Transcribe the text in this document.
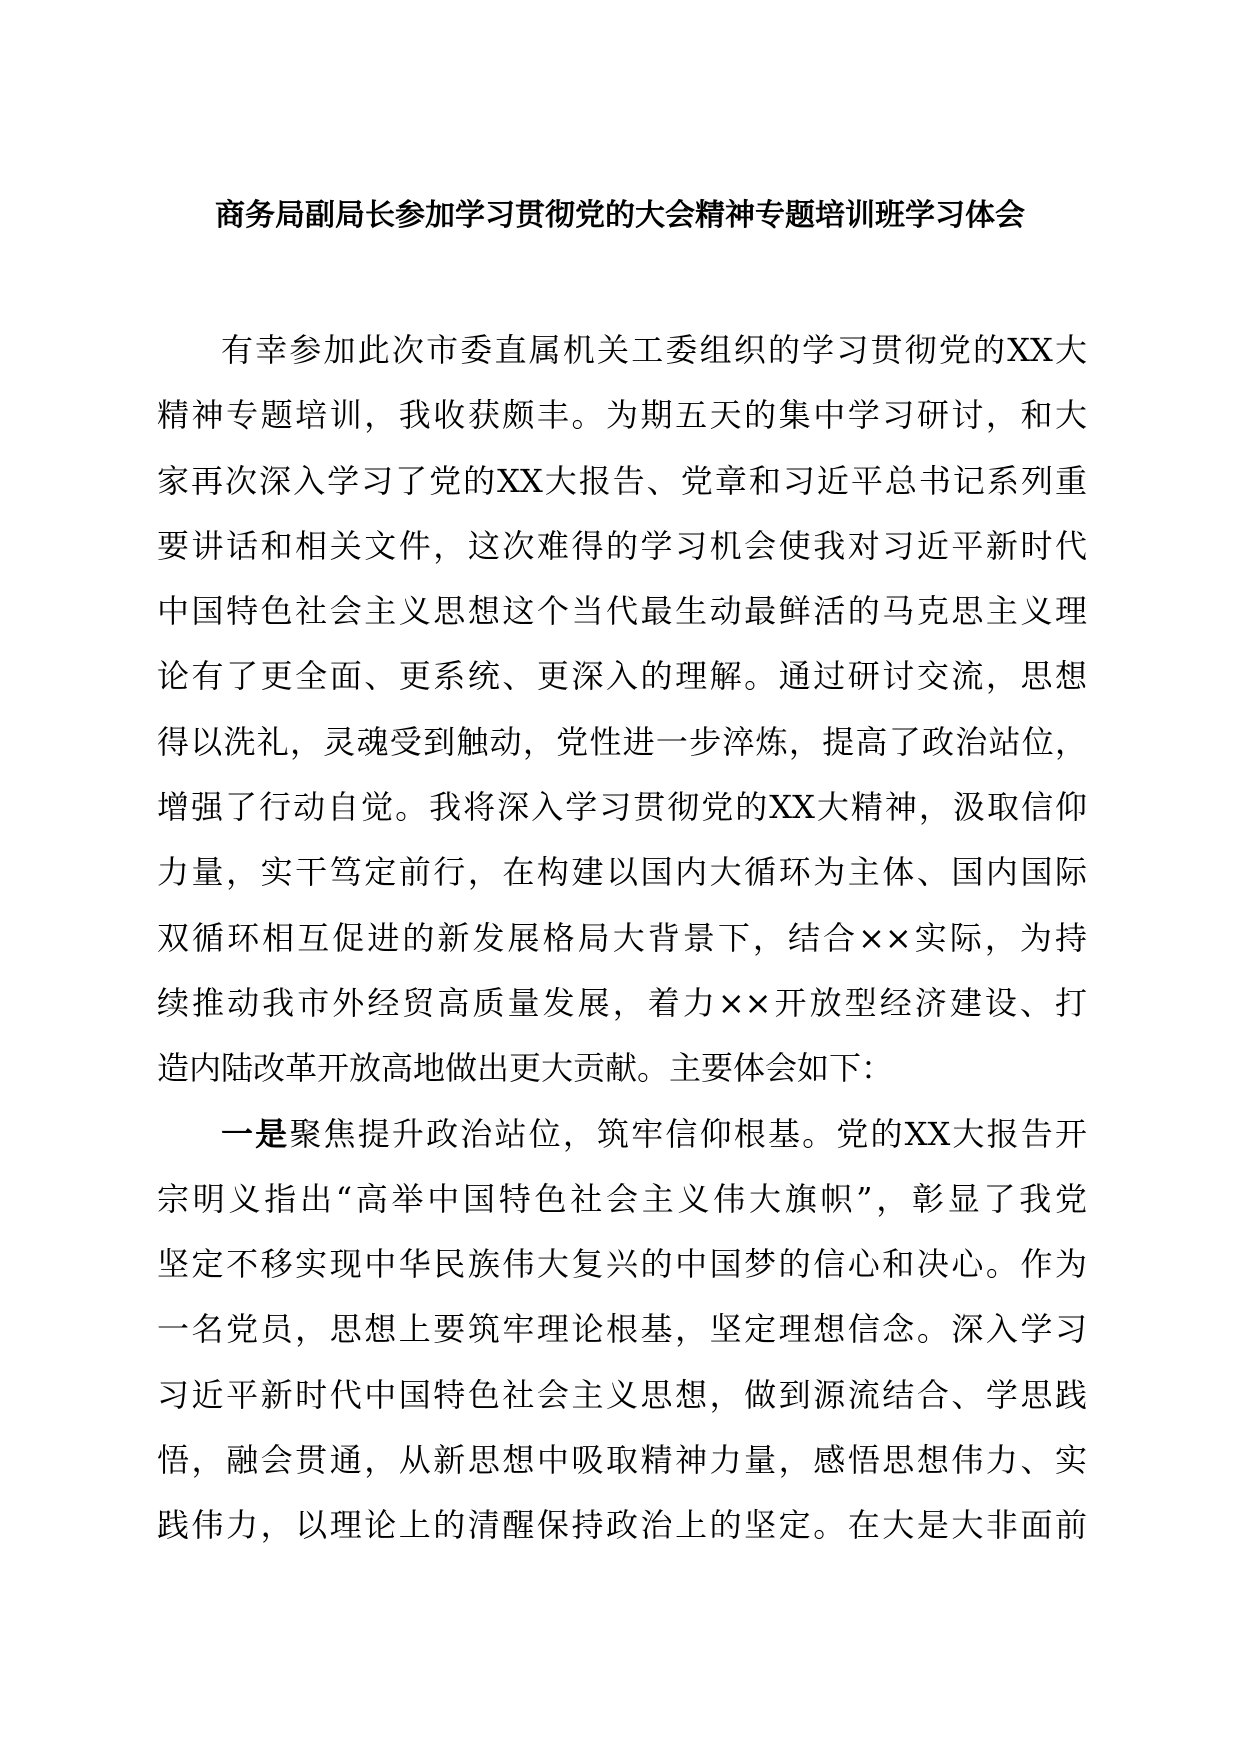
商务局副局长参加学习贯彻党的大会精神专题培训班学习体会
有幸参加此次市委直属机关工委组织的学习贯彻党的XX大
精神专题培训，我收获颇丰。为期五天的集中学习研讨，和大
家再次深入学习了党的XX大报告、党章和习近平总书记系列重
要讲话和相关文件，这次难得的学习机会使我对习近平新时代
中国特色社会主义思想这个当代最生动最鲜活的马克思主义理
论有了更全面、更系统、更深入的理解。通过研讨交流，思想
得以洗礼，灵魂受到触动，党性进一步淬炼，提高了政治站位，
增强了行动自觉。我将深入学习贯彻党的XX大精神，汲取信仰
力量，实干笃定前行，在构建以国内大循环为主体、国内国际
双循环相互促进的新发展格局大背景下，结合××实际，为持
续推动我市外经贸高质量发展，着力××开放型经济建设、打
造内陆改革开放高地做出更大贡献。主要体会如下：
一是聚焦提升政治站位，筑牢信仰根基。党的XX大报告开
宗明义指出“高举中国特色社会主义伟大旗帜”，彰显了我党
坚定不移实现中华民族伟大复兴的中国梦的信心和决心。作为
一名党员，思想上要筑牢理论根基，坚定理想信念。深入学习
习近平新时代中国特色社会主义思想，做到源流结合、学思践
悟，融会贯通，从新思想中吸取精神力量，感悟思想伟力、实
践伟力，以理论上的清醒保持政治上的坚定。在大是大非面前
